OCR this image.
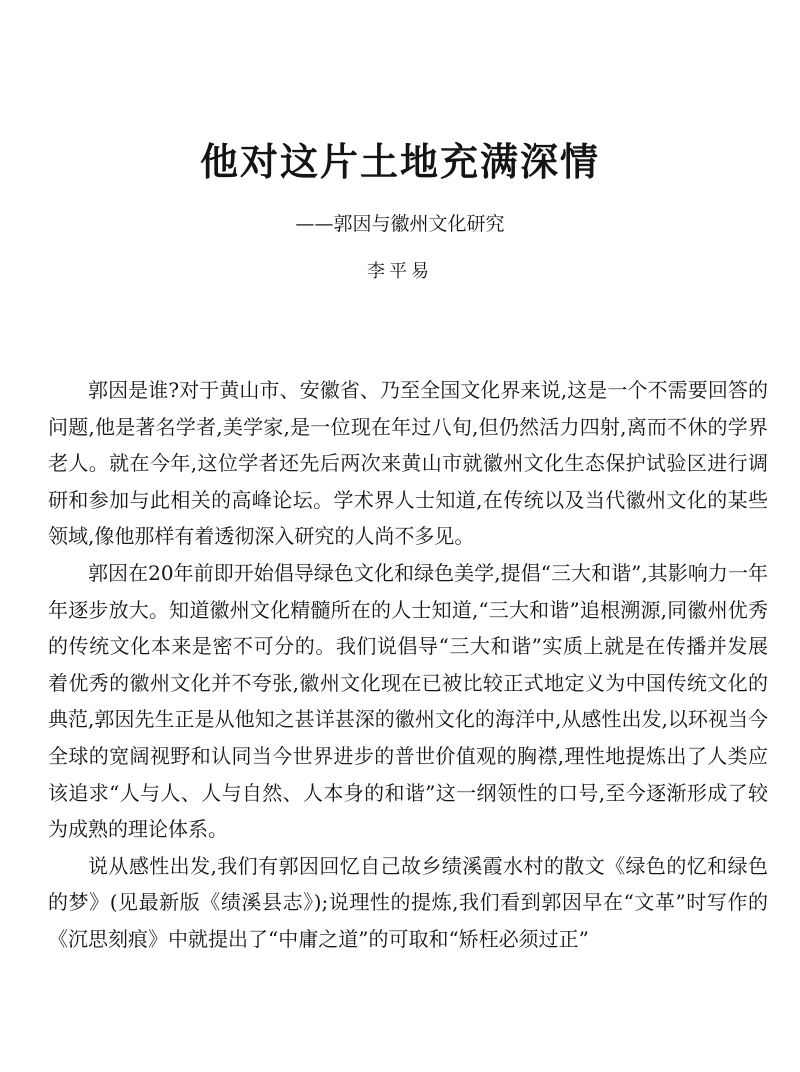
他对这片土地充满深情
——郭因与徽州文化研究
李平易

郭因是谁?对于黄山市、安徽省、乃至全国文化界来说,这是一个不需要回答的问题,他是著名学者,美学家,是一位现在年过八旬,但仍然活力四射,离而不休的学界老人。就在今年,这位学者还先后两次来黄山市就徽州文化生态保护试验区进行调研和参加与此相关的高峰论坛。学术界人士知道,在传统以及当代徽州文化的某些领域,像他那样有着透彻深入研究的人尚不多见。

郭因在20年前即开始倡导绿色文化和绿色美学,提倡“三大和谐”,其影响力一年年逐步放大。知道徽州文化精髓所在的人士知道,“三大和谐”追根溯源,同徽州优秀的传统文化本来是密不可分的。我们说倡导“三大和谐”实质上就是在传播并发展着优秀的徽州文化并不夸张,徽州文化现在已被比较正式地定义为中国传统文化的典范,郭因先生正是从他知之甚详甚深的徽州文化的海洋中,从感性出发,以环视当今全球的宽阔视野和认同当今世界进步的普世价值观的胸襟,理性地提炼出了人类应该追求“人与人、人与自然、人本身的和谐”这一纲领性的口号,至今逐渐形成了较为成熟的理论体系。

说从感性出发,我们有郭因回忆自己故乡绩溪霞水村的散文《绿色的忆和绿色的梦》(见最新版《绩溪县志》);说理性的提炼,我们看到郭因早在“文革”时写作的《沉思刻痕》中就提出了“中庸之道”的可取和“矫枉必须过正”
